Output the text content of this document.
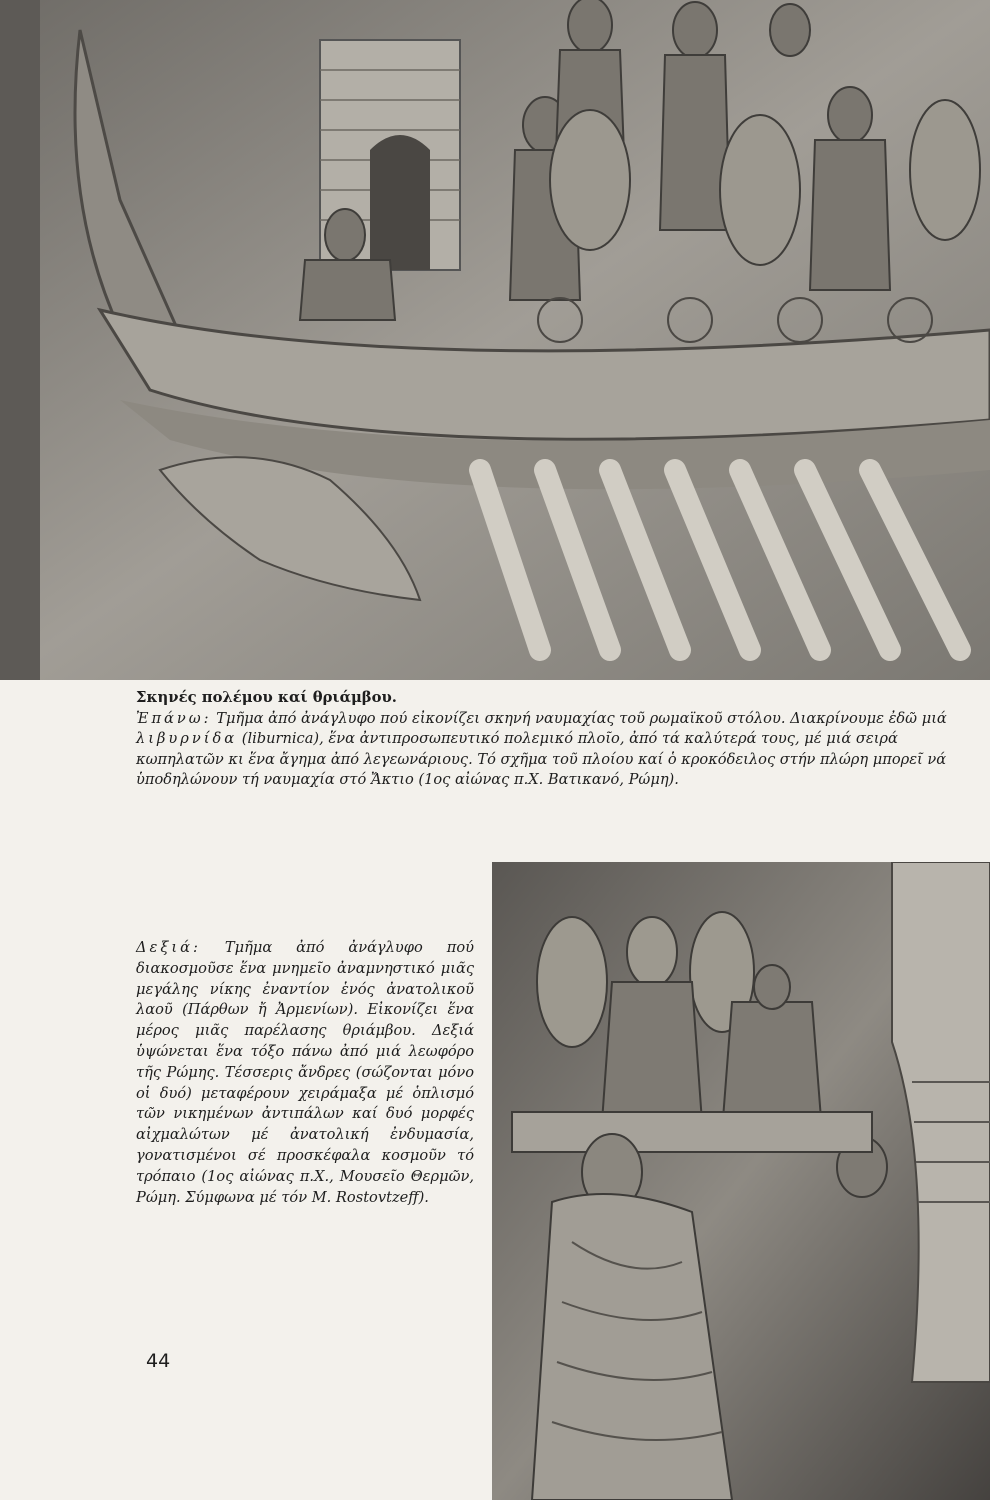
Σκηνές πολέμου καί θριάμβου.
Ἐπάνω: Τμῆμα ἀπό ἀνάγλυφο πού εἰκονίζει σκηνή ναυμαχίας τοῦ ρωμαϊκοῦ στόλου. Διακρίνουμε ἐδῶ μιά λιβυρνίδα (liburnica), ἕνα ἀντιπροσωπευτικό πολεμικό πλοῖο, ἀπό τά καλύτερά τους, μέ μιά σειρά κωπηλατῶν κι ἕνα ἄγημα ἀπό λεγεωνάριους. Τό σχῆμα τοῦ πλοίου καί ὁ κροκόδειλος στήν πλώρη μπορεῖ νά ὑποδηλώνουν τή ναυμαχία στό Ἄκτιο (1ος αἰώνας π.Χ. Βατικανό, Ρώμη).
Δεξιά: Τμῆμα ἀπό ἀνάγλυφο πού διακοσμοῦσε ἕνα μνημεῖο ἀναμνηστικό μιᾶς μεγάλης νίκης ἐναντίον ἑνός ἀνατολικοῦ λαοῦ (Πάρθων ἤ Ἀρμενίων). Εἰκονίζει ἕνα μέρος μιᾶς παρέλασης θριάμβου. Δεξιά ὑψώνεται ἕνα τόξο πάνω ἀπό μιά λεωφόρο τῆς Ρώμης. Τέσσερις ἄνδρες (σώζονται μόνο οἱ δυό) μεταφέρουν χειράμαξα μέ ὁπλισμό τῶν νικημένων ἀντιπάλων καί δυό μορφές αἰχμαλώτων μέ ἀνατολική ἐνδυμασία, γονατισμένοι σέ προσκέφαλα κοσμοῦν τό τρόπαιο (1ος αἰώνας π.Χ., Μουσεῖο Θερμῶν, Ρώμη. Σύμφωνα μέ τόν Μ. Rostovtzeff).
44
